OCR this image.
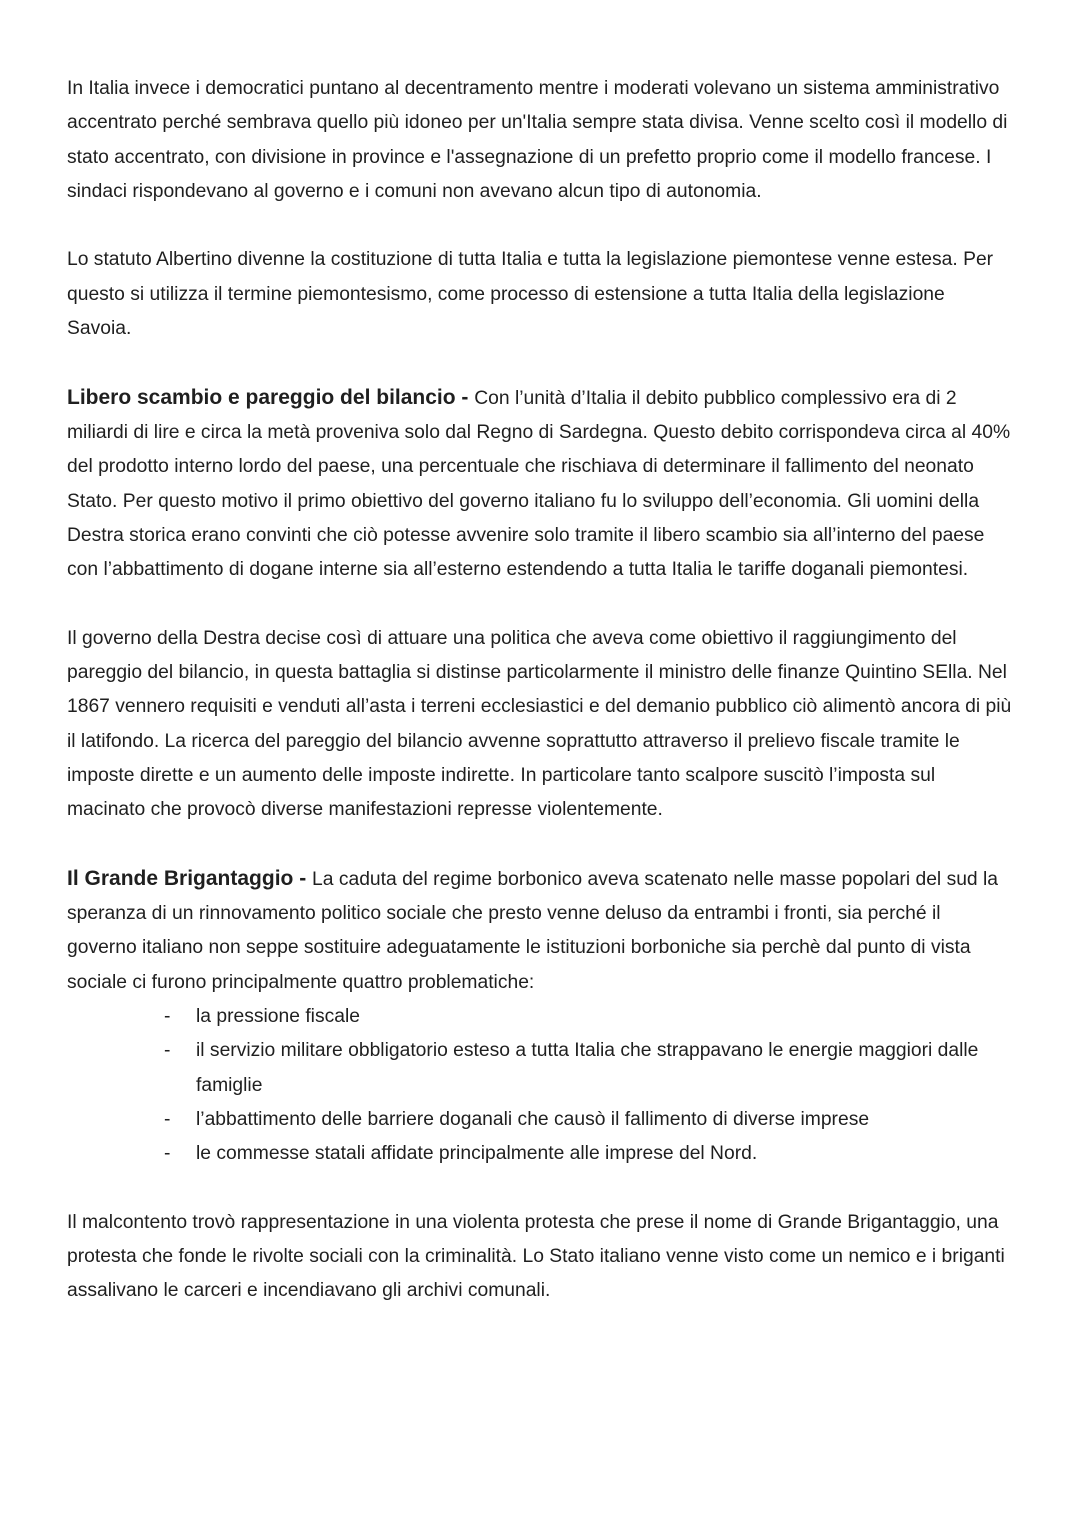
In Italia invece i democratici puntano al decentramento mentre i moderati volevano un sistema amministrativo accentrato perché sembrava quello più idoneo per un'Italia sempre stata divisa. Venne scelto così il modello di stato accentrato, con divisione in province e l'assegnazione di un prefetto proprio come il modello francese. I sindaci rispondevano al governo e i comuni non avevano alcun tipo di autonomia.

Lo statuto Albertino divenne la costituzione di tutta Italia e tutta la legislazione piemontese venne estesa. Per questo si utilizza il termine piemontesismo, come processo di estensione a tutta Italia della legislazione Savoia.

Libero scambio e pareggio del bilancio - Con l’unità d’Italia il debito pubblico complessivo era di 2 miliardi di lire e circa la metà proveniva solo dal Regno di Sardegna. Questo debito corrispondeva circa al 40% del prodotto interno lordo del paese, una percentuale che rischiava di determinare il fallimento del neonato Stato. Per questo motivo il primo obiettivo del governo italiano fu lo sviluppo dell’economia. Gli uomini della Destra storica erano convinti che ciò potesse avvenire solo tramite il libero scambio sia all’interno del paese con l’abbattimento di dogane interne sia all’esterno estendendo a tutta Italia le tariffe doganali piemontesi.

Il governo della Destra decise così di attuare una politica che aveva come obiettivo il raggiungimento del pareggio del bilancio, in questa battaglia si distinse particolarmente il ministro delle finanze Quintino SElla. Nel 1867 vennero requisiti e venduti all’asta i terreni ecclesiastici e del demanio pubblico ciò alimentò ancora di più il latifondo. La ricerca del pareggio del bilancio avvenne soprattutto attraverso il prelievo fiscale tramite le imposte dirette e un aumento delle imposte indirette. In particolare tanto scalpore suscitò l’imposta sul macinato che provocò diverse manifestazioni represse violentemente.

Il Grande Brigantaggio - La caduta del regime borbonico aveva scatenato nelle masse popolari del sud la speranza di un rinnovamento politico sociale che presto venne deluso da entrambi i fronti, sia perché il governo italiano non seppe sostituire adeguatamente le istituzioni borboniche sia perchè dal punto di vista sociale ci furono principalmente quattro problematiche:

- la pressione fiscale
- il servizio militare obbligatorio esteso a tutta Italia che strappavano le energie maggiori dalle famiglie
- l’abbattimento delle barriere doganali che causò il fallimento di diverse imprese
- le commesse statali affidate principalmente alle imprese del Nord.

Il malcontento trovò rappresentazione in una violenta protesta che prese il nome di Grande Brigantaggio, una protesta che fonde le rivolte sociali con la criminalità. Lo Stato italiano venne visto come un nemico e i briganti assalivano le carceri e incendiavano gli archivi comunali.
